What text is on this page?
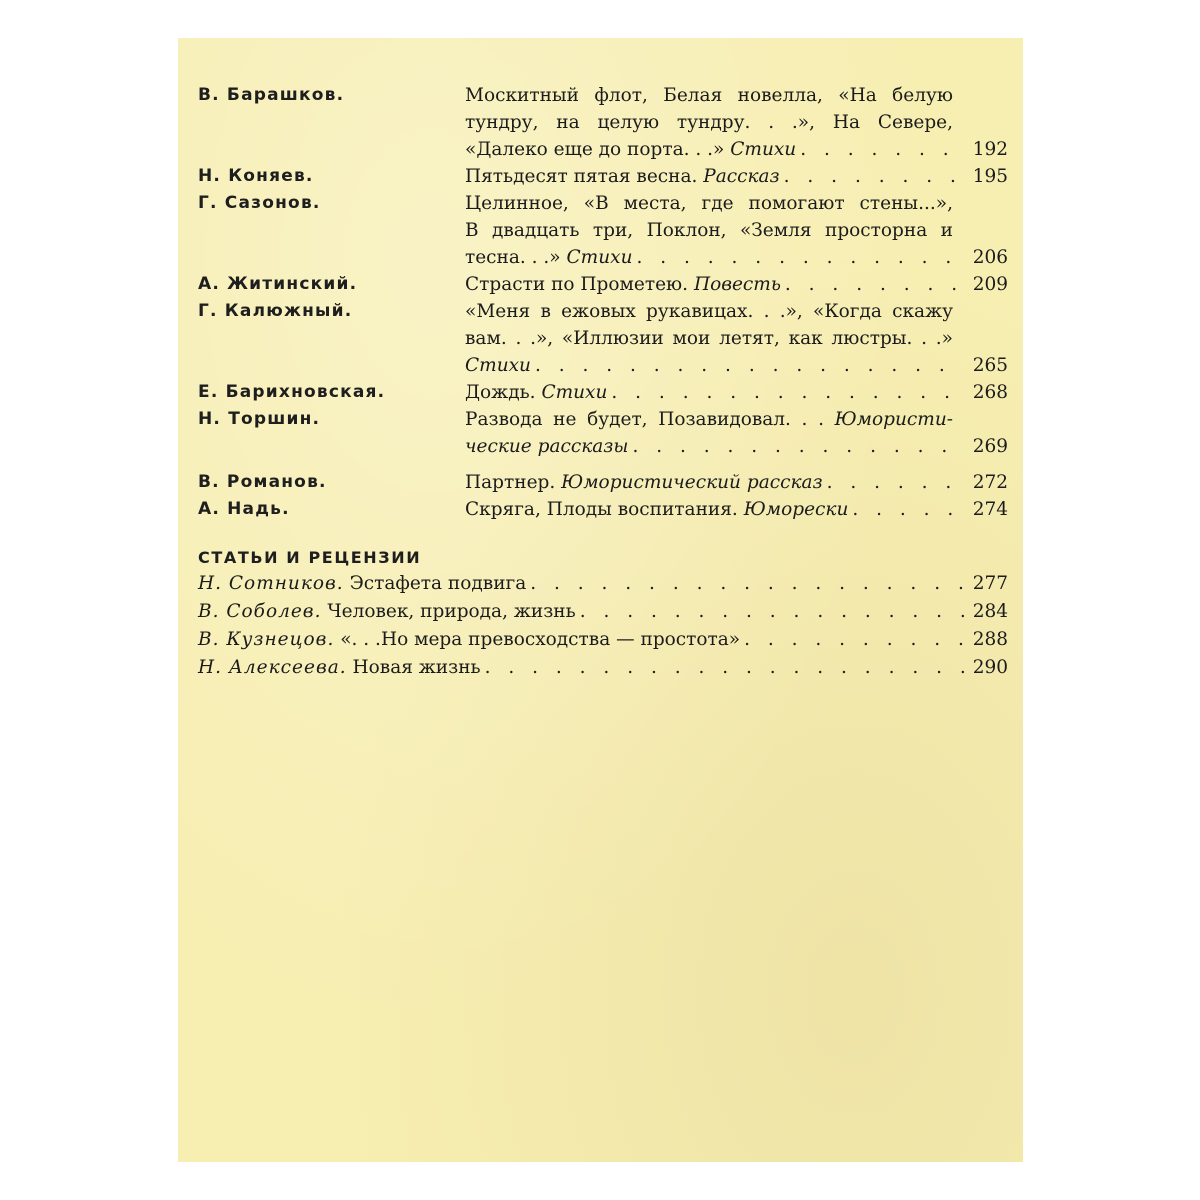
В. Барашков.	Москитный флот, Белая новелла, «На белую
тундру, на целую тундру. . .», На Севере,
«Далеко еще до порта. . .»
Стихи . . .	192
Н. Коняев.	Пятьдесят пятая весна.
Рассказ . . .	195
Г. Сазонов.	Целинное, «В места, где помогают стены...»,
В двадцать три, Поклон, «Земля просторна и
тесна. . .»
Стихи . . .	206
А. Житинский.	Страсти по Прометею.
Повесть . . .	209
Г. Калюжный.	«Меня в ежовых рукавицах. . .», «Когда скажу
вам. . .», «Иллюзии мои летят, как люстры. . .»
Стихи . . .	265
Е. Барихновская.	Дождь.
Стихи . . .	268
Н. Торшин.	Развода не будет, Позавидовал. . . Юмористи-
ческие рассказы . . .	269
В. Романов.	Партнер.
Юмористический рассказ . . .	272
А. Надь.	Скряга, Плоды воспитания.
Юморески . . .	274
СТАТЬИ И РЕЦЕНЗИИ
Н. Сотников.
Эстафета подвига . . .	277
В. Соболев.
Человек, природа, жизнь . . .	284
В. Кузнецов.
«. . .Но мера превосходства — простота» . . .	288
Н. Алексеева.
Новая жизнь . . .	290
